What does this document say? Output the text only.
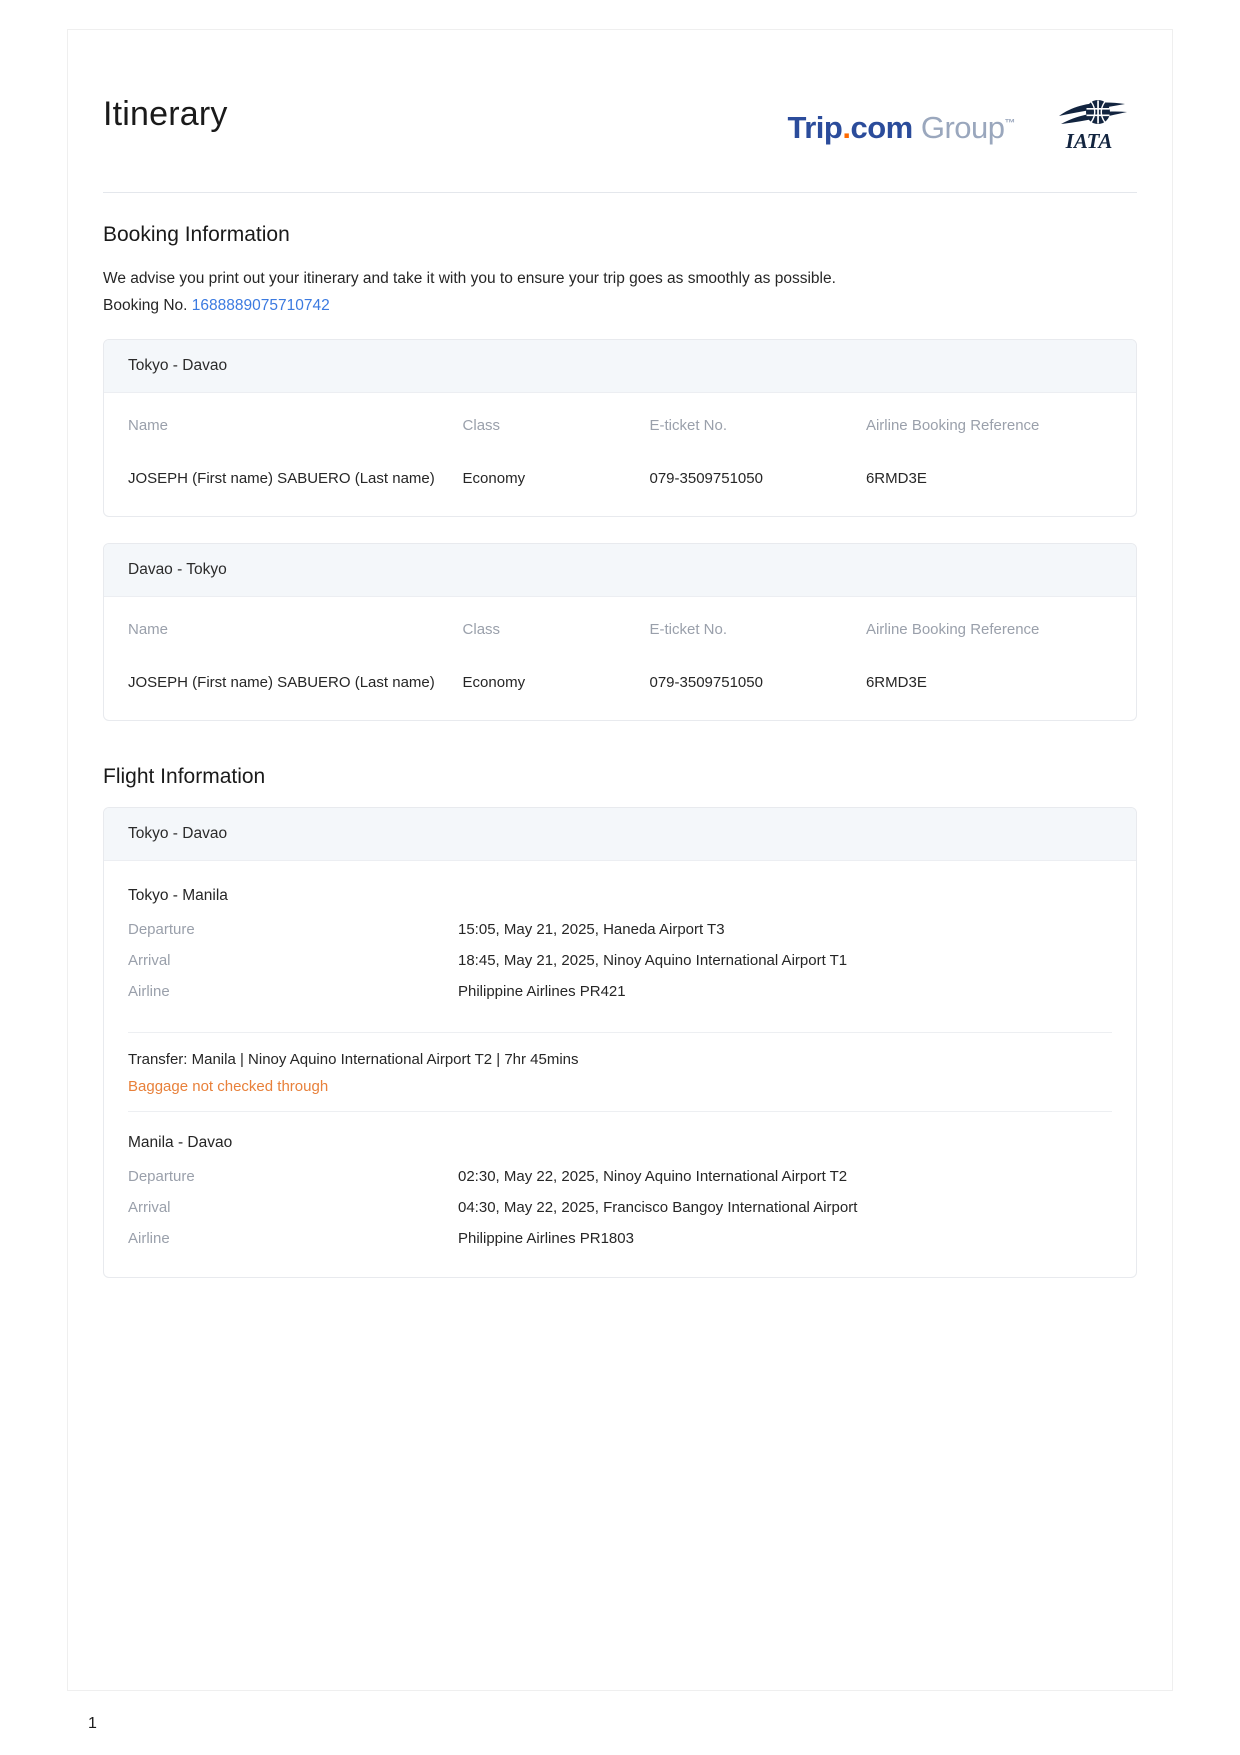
Itinerary	Trip.com Group™
IATA
Booking Information

We advise you print out your itinerary and take it with you to ensure your trip goes as smoothly as possible.
Booking No. 1688889075710742

Tokyo - Davao
Name	Class	E-ticket No.	Airline Booking Reference
JOSEPH (First name) SABUERO (Last name)	Economy	079-3509751050	6RMD3E
Davao - Tokyo
Name	Class	E-ticket No.	Airline Booking Reference
JOSEPH (First name) SABUERO (Last name)	Economy	079-3509751050	6RMD3E
Flight Information
Tokyo - Davao
Tokyo - Manila
Departure	15:05, May 21, 2025, Haneda Airport T3
Arrival	18:45, May 21, 2025, Ninoy Aquino International Airport T1
Airline	Philippine Airlines PR421
Transfer: Manila | Ninoy Aquino International Airport T2 | 7hr 45mins
Baggage not checked through
Manila - Davao
Departure	02:30, May 22, 2025, Ninoy Aquino International Airport T2
Arrival	04:30, May 22, 2025, Francisco Bangoy International Airport
Airline	Philippine Airlines PR1803
1
